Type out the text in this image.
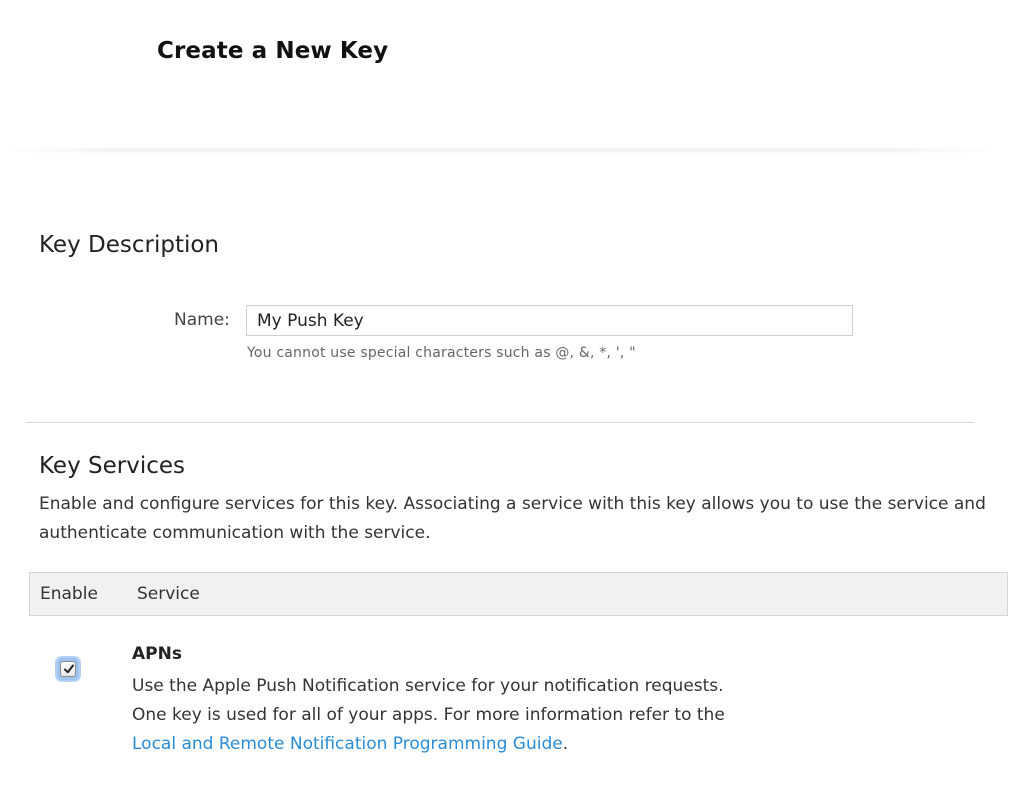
Create a New Key
Key Description
Name:
My Push Key
You cannot use special characters such as @, &, *, ', "
Key Services

Enable and configure services for this key. Associating a service with this key allows you to use the service and authenticate communication with the service.

Enable Service
APNs

Use the Apple Push Notification service for your notification requests. One key is used for all of your apps. For more information refer to the Local and Remote Notification Programming Guide.
